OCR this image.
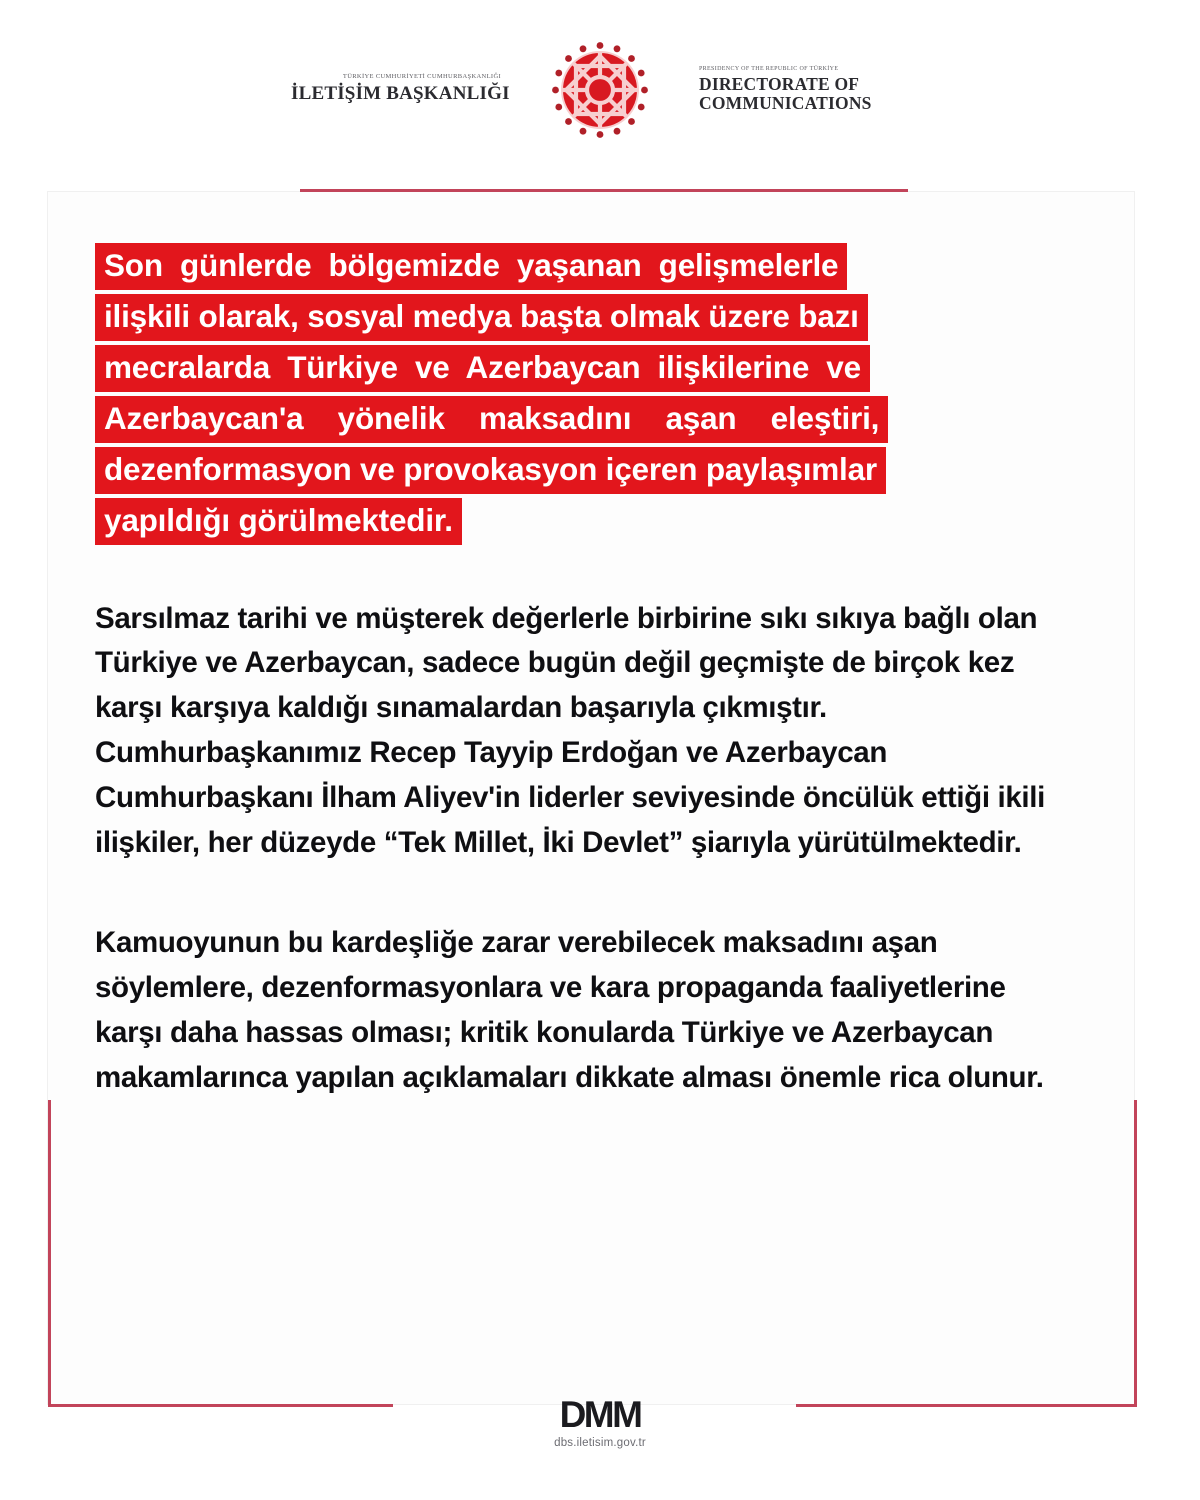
TÜRKİYE CUMHURİYETİ CUMHURBAŞKANLIĞI
İLETİŞİM BAŞKANLIĞI
PRESIDENCY OF THE REPUBLIC OF TÜRKİYE
DIRECTORATE OF
COMMUNICATIONS
Son  günlerde  bölgemizde  yaşanan  gelişmelerle
ilişkili olarak, sosyal medya başta olmak üzere bazı
mecralarda  Türkiye  ve  Azerbaycan  ilişkilerine  ve
Azerbaycan'a    yönelik    maksadını    aşan    eleştiri,
dezenformasyon ve provokasyon içeren paylaşımlar
yapıldığı görülmektedir.

Sarsılmaz tarihi ve müşterek değerlerle birbirine sıkı sıkıya bağlı olan Türkiye ve Azerbaycan, sadece bugün değil geçmişte de birçok kez karşı karşıya kaldığı sınamalardan başarıyla çıkmıştır. Cumhurbaşkanımız Recep Tayyip Erdoğan ve Azerbaycan Cumhurbaşkanı İlham Aliyev'in liderler seviyesinde öncülük ettiği ikili ilişkiler, her düzeyde “Tek Millet, İki Devlet” şiarıyla yürütülmektedir.

Kamuoyunun bu kardeşliğe zarar verebilecek maksadını aşan söylemlere, dezenformasyonlara ve kara propaganda faaliyetlerine karşı daha hassas olması; kritik konularda Türkiye ve Azerbaycan makamlarınca yapılan açıklamaları dikkate alması önemle rica olunur.

DMM
dbs.iletisim.gov.tr
